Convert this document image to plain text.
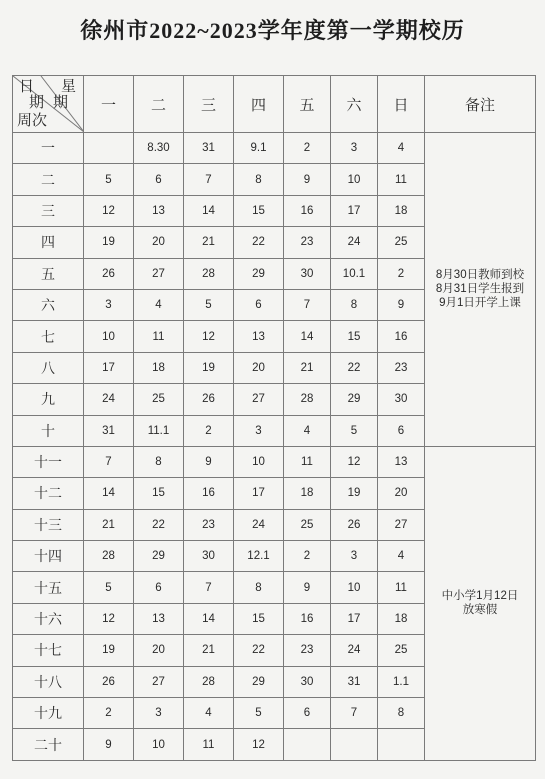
徐州市2022~2023学年度第一学期校历
日 星
期 期
周次	一	二	三	四	五	六	日	备注
一		8.30	31	9.1	2	3	4	8月30日教师到校
8月31日学生报到
9月1日开学上课

二	5	6	7	8	9	10	11	
三	12	13	14	15	16	17	18	
四	19	20	21	22	23	24	25	
五	26	27	28	29	30	10.1	2	
六	3	4	5	6	7	8	9	
七	10	11	12	13	14	15	16	
八	17	18	19	20	21	22	23	
九	24	25	26	27	28	29	30	
十	31	11.1	2	3	4	5	6	
十一	7	8	9	10	11	12	13	中小学1月12日
放寒假

十二	14	15	16	17	18	19	20	
十三	21	22	23	24	25	26	27	
十四	28	29	30	12.1	2	3	4	
十五	5	6	7	8	9	10	11	
十六	12	13	14	15	16	17	18	
十七	19	20	21	22	23	24	25	
十八	26	27	28	29	30	31	1.1	
十九	2	3	4	5	6	7	8	
二十	9	10	11	12				
